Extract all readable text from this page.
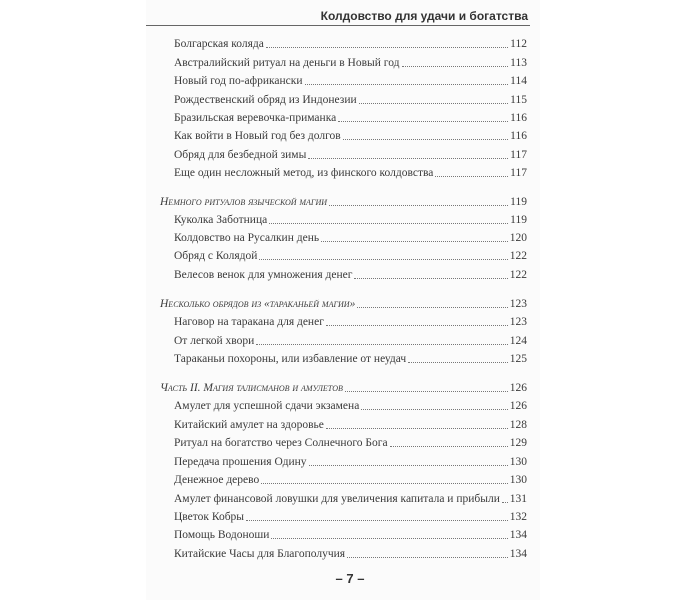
Колдовство для удачи и богатства
Болгарская коляда	112
Австралийский ритуал на деньги в Новый год	113
Новый год по-африкански	114
Рождественский обряд из Индонезии	115
Бразильская веревочка-приманка	116
Как войти в Новый год без долгов	116
Обряд для безбедной зимы	117
Еще один несложный метод, из финского колдовства	117
Немного ритуалов языческой магии	119
Куколка Заботница	119
Колдовство на Русалкин день	120
Обряд с Колядой	122
Велесов венок для умножения денег	122
Несколько обрядов из «тараканьей магии»	123
Наговор на таракана для денег	123
От легкой хвори	124
Тараканьи похороны, или избавление от неудач	125
Часть II. Магия талисманов и амулетов	126
Амулет для успешной сдачи экзамена	126
Китайский амулет на здоровье	128
Ритуал на богатство через Солнечного Бога	129
Передача прошения Одину	130
Денежное дерево	130
Амулет финансовой ловушки для увеличения капитала и прибыли 131
Цветок Кобры	132
Помощь Водоноши	134
Китайские Часы для Благополучия	134
– 7 –
